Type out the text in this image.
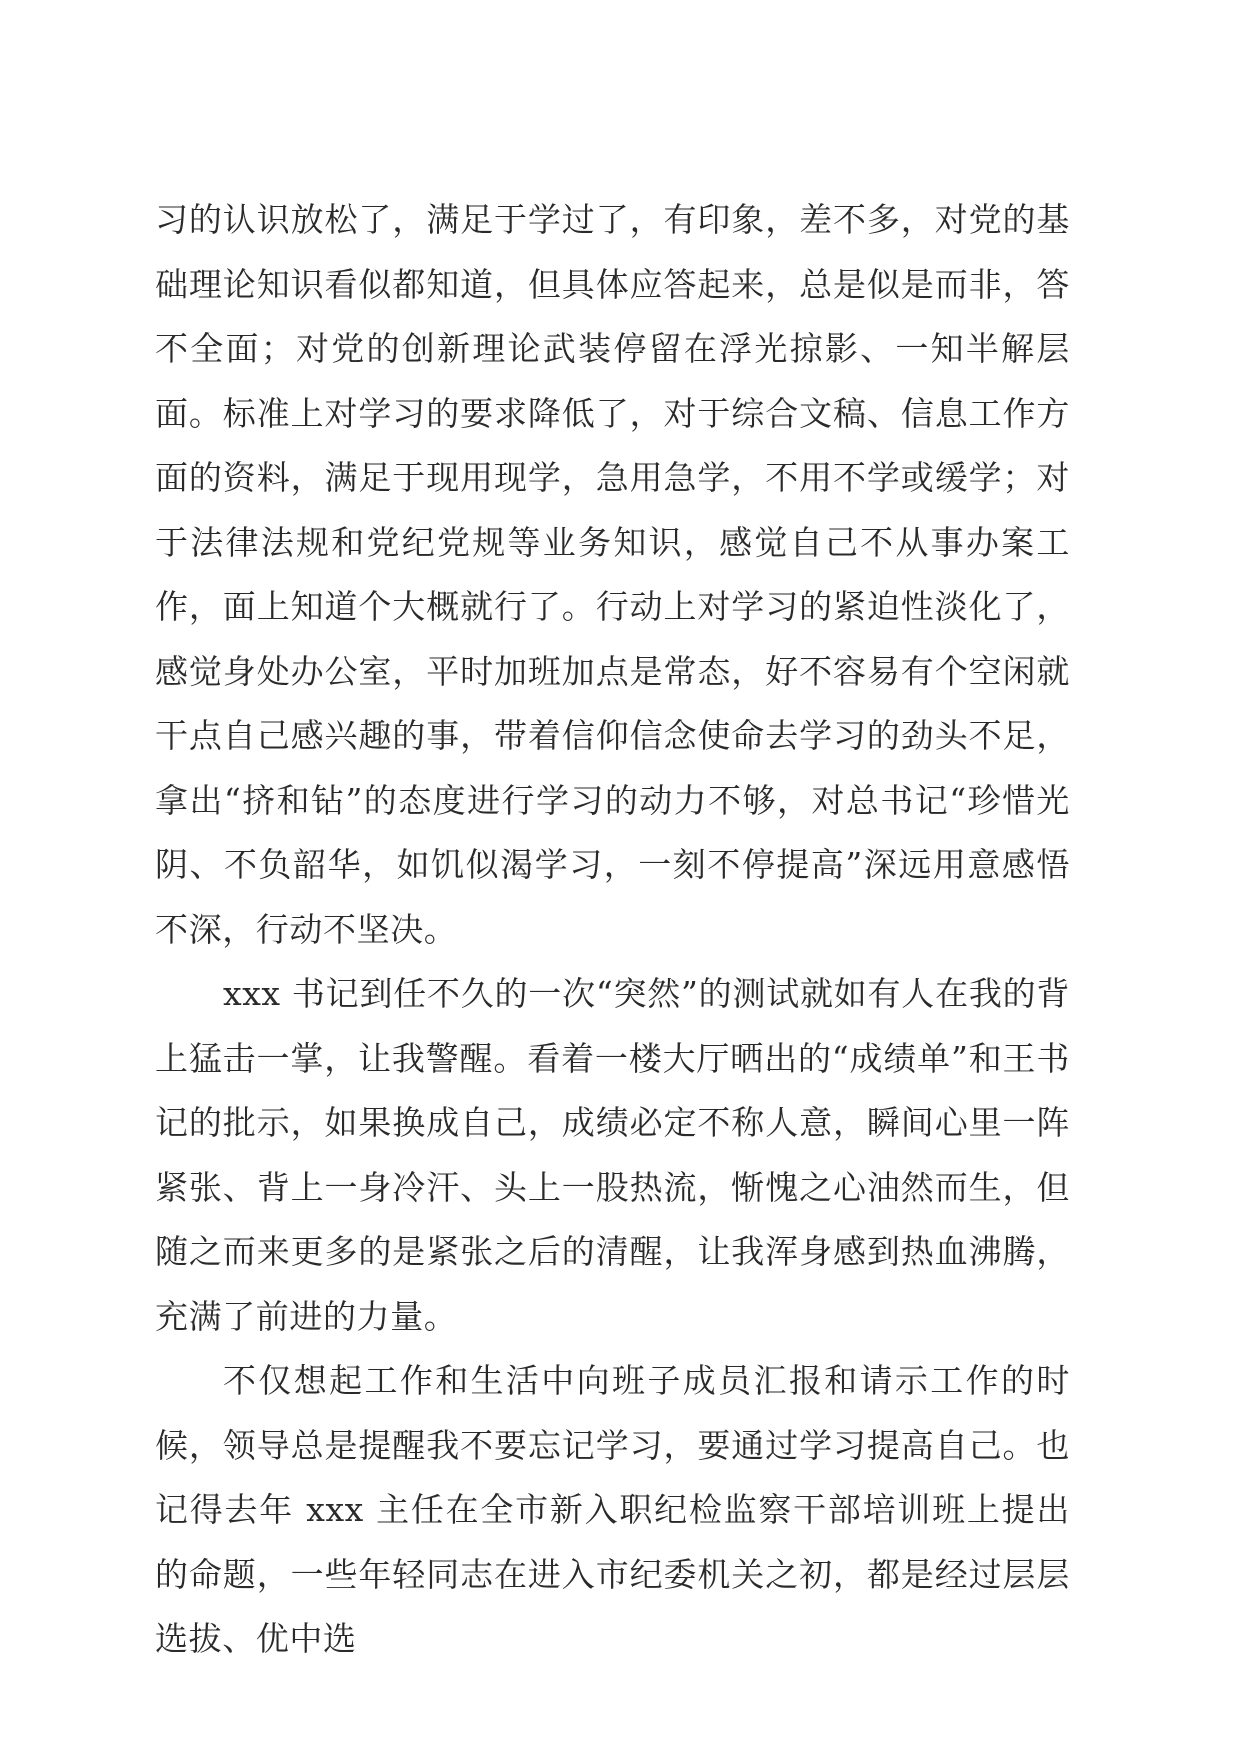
习的认识放松了，满足于学过了，有印象，差不多，对党的基础理论知识看似都知道，但具体应答起来，总是似是而非，答不全面；对党的创新理论武装停留在浮光掠影、一知半解层面。标准上对学习的要求降低了，对于综合文稿、信息工作方面的资料，满足于现用现学，急用急学，不用不学或缓学；对于法律法规和党纪党规等业务知识，感觉自己不从事办案工作，面上知道个大概就行了。行动上对学习的紧迫性淡化了，感觉身处办公室，平时加班加点是常态，好不容易有个空闲就干点自己感兴趣的事，带着信仰信念使命去学习的劲头不足，拿出“挤和钻”的态度进行学习的动力不够，对总书记“珍惜光阴、不负韶华，如饥似渴学习，一刻不停提高”深远用意感悟不深，行动不坚决。

xxx 书记到任不久的一次“突然”的测试就如有人在我的背上猛击一掌，让我警醒。看着一楼大厅晒出的“成绩单”和王书记的批示，如果换成自己，成绩必定不称人意，瞬间心里一阵紧张、背上一身冷汗、头上一股热流，惭愧之心油然而生，但随之而来更多的是紧张之后的清醒，让我浑身感到热血沸腾，充满了前进的力量。

不仅想起工作和生活中向班子成员汇报和请示工作的时候，领导总是提醒我不要忘记学习，要通过学习提高自己。也记得去年 xxx 主任在全市新入职纪检监察干部培训班上提出的命题，一些年轻同志在进入市纪委机关之初，都是经过层层选拔、优中选
